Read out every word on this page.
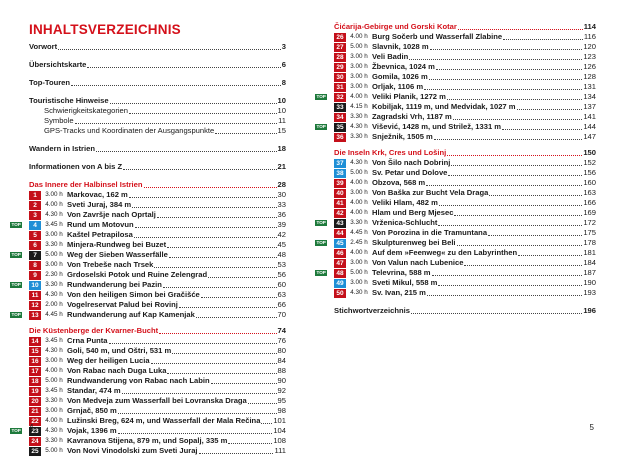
INHALTSVERZEICHNIS
Vorwort	3
Übersichtskarte	6
Top-Touren	8
Touristische Hinweise	10
Schwierigkeitskategorien	10
Symbole	11
GPS-Tracks und Koordinaten der Ausgangspunkte	15
Wandern in Istrien	18
Informationen von A bis Z	21
Das Innere der Halbinsel Istrien	28
1	3.00 h Markovac, 162 m	30
2	4.00 h Sveti Juraj, 384 m	33
3	4.30 h Von Završje nach Oprtalj	36
TOP	4	3.45 h Rund um Motovun	39
5	3.00 h Kaštel Petrapilosa	42
6	3.30 h Minjera-Rundweg bei Buzet	45
TOP	7	5.00 h Weg der Sieben Wasserfälle	48
8	3.00 h Von Trebeše nach Trsek	53
9	2.30 h Grdoselski Potok und Ruine Zelengrad	56
TOP	10	3.30 h Rundwanderung bei Pazin	60
11	4.30 h Von den heiligen Simon bei Gračišće	63
12	2.00 h Vogelreservat Palud bei Rovinj	66
TOP	13	4.45 h Rundwanderung auf Kap Kamenjak	70
Die Küstenberge der Kvarner-Bucht	74
14	3.45 h Crna Punta	76
15	4.30 h Goli, 540 m, und Oštri, 531 m	80
16	3.00 h Weg der heiligen Lucia	84
17	4.00 h Von Rabac nach Duga Luka	88
18	5.00 h Rundwanderung von Rabac nach Labin	90
19	3.45 h Standar, 474 m	92
20	3.30 h Von Medveja zum Wasserfall bei Lovranska Draga	95
21	3.00 h Grnjač, 850 m	98
22	4.00 h Lužinski Breg, 624 m, und Wasserfall der Mala Rečina 101
TOP	23	4.30 h Vojak, 1396 m	104
24	3.30 h Kavranova Stijena, 879 m, und Sopalj, 335 m	108
25	5.00 h Von Novi Vinodolski zum Sveti Juraj	111
4
Čićarija-Gebirge und Gorski Kotar	114
26	4.00 h Burg Sočerb und Wasserfall Zlabine	116
27	5.00 h Slavnik, 1028 m	120
28	3.00 h Veli Badin	123
29	3.00 h Žbevnica, 1024 m	126
30	3.00 h Gomila, 1026 m	128
31	3.00 h Orljak, 1106 m	131
TOP	32	4.00 h Veliki Planik, 1272 m	134
33	4.15 h Kobiljak, 1119 m, und Medvidak, 1027 m	137
34	3.30 h Zagradski Vrh, 1187 m	141
TOP	35	4.30 h Višević, 1428 m, und Strilež, 1331 m	144
36	3.30 h Snježnik, 1505 m	147
Die Inseln Krk, Cres und Lošinj	150
37	4.30 h Von Šilo nach Dobrinj	152
38	5.00 h Sv. Petar und Dolove	156
39	4.00 h Obzova, 568 m	160
40	3.00 h Von Baška zur Bucht Vela Draga	163
41	4.00 h Veliki Hlam, 482 m	166
42	4.00 h Hlam und Berg Mjesec	169
TOP	43	3.30 h Vrženica-Schlucht	172
44	4.45 h Von Porozina in die Tramuntana	175
TOP	45	2.45 h Skulpturenweg bei Beli	178
46	4.00 h Auf dem »Feenweg« zu den Labyrinthen	181
47	3.00 h Von Valun nach Lubenice	184
TOP	48	5.00 h Televrina, 588 m	187
49	3.00 h Sveti Mikul, 558 m	190
50	4.30 h Sv. Ivan, 215 m	193
Stichwortverzeichnis	196
5
